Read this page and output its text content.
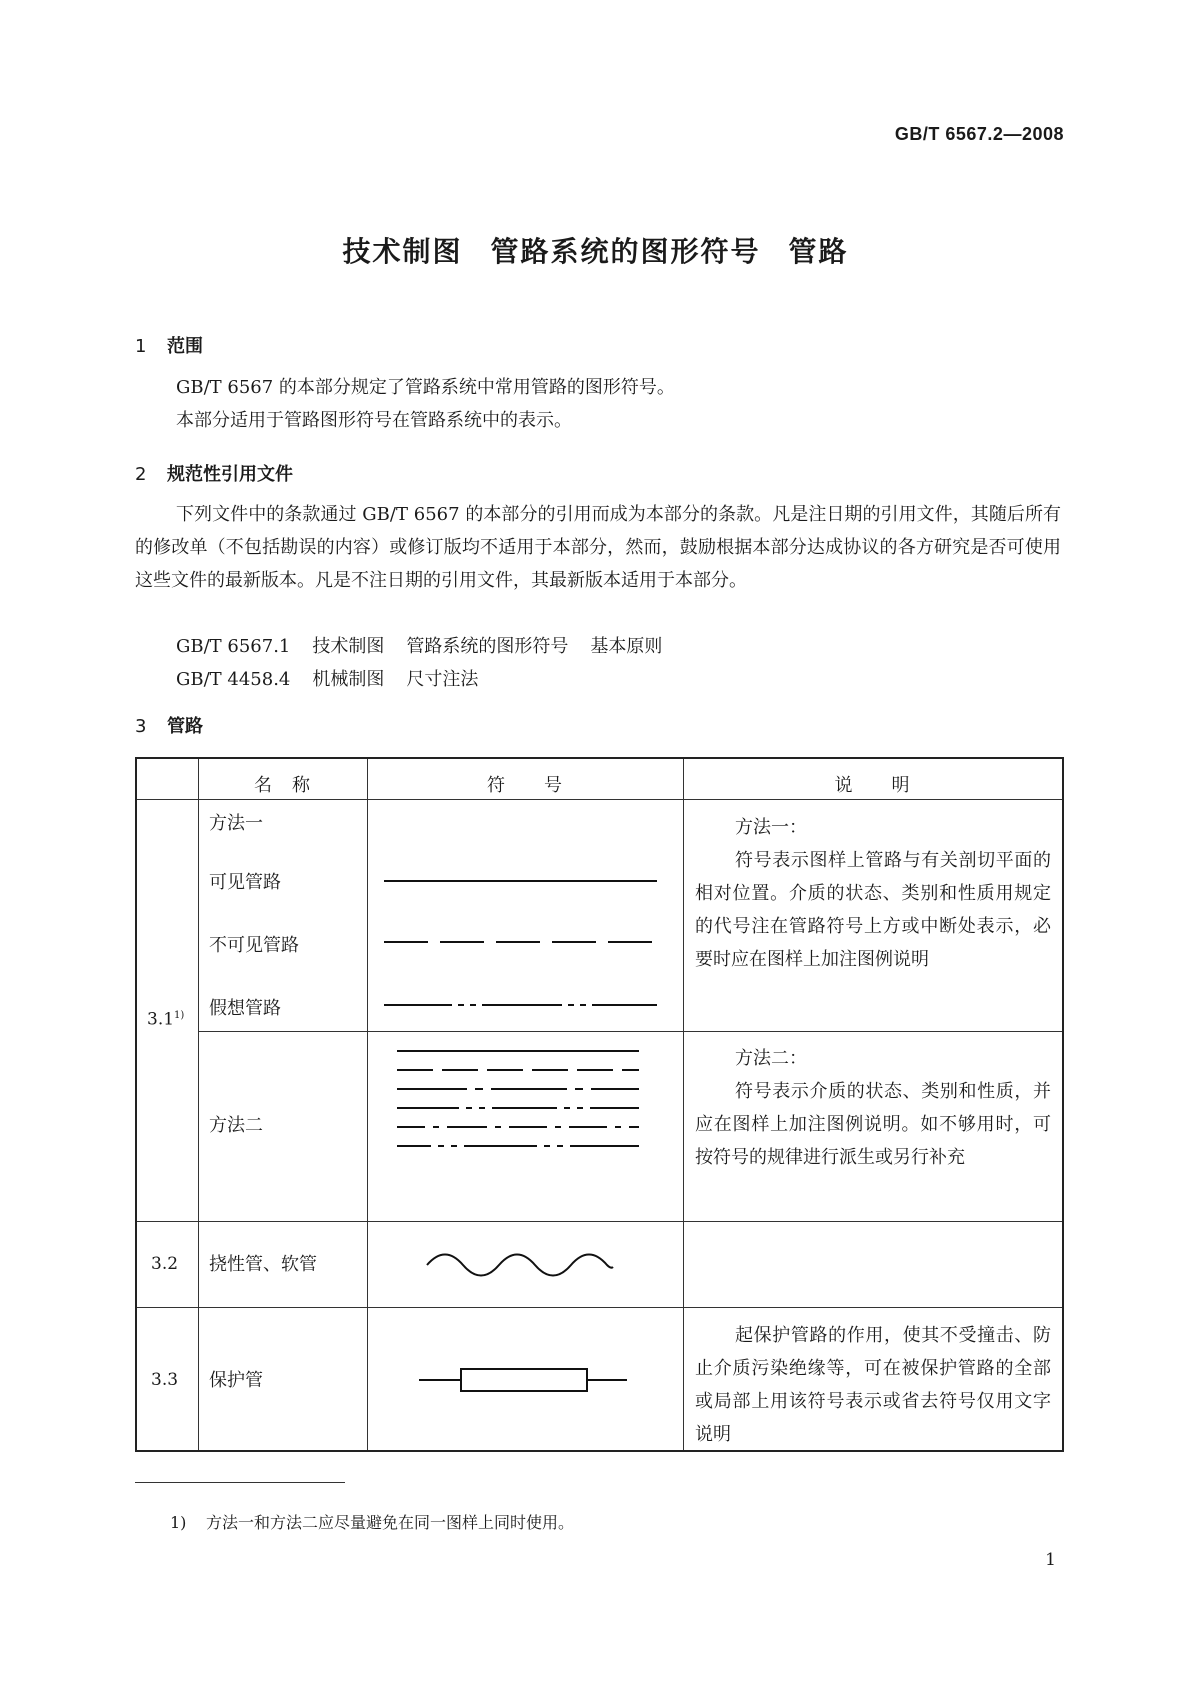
GB/T 6567.2—2008
技术制图 管路系统的图形符号 管路
1 范围
GB/T 6567 的本部分规定了管路系统中常用管路的图形符号。
本部分适用于管路图形符号在管路系统中的表示。
2 规范性引用文件
下列文件中的条款通过 GB/T 6567 的本部分的引用而成为本部分的条款。凡是注日期的引用文件，其随后所有的修改单（不包括勘误的内容）或修订版均不适用于本部分，然而，鼓励根据本部分达成协议的各方研究是否可使用这些文件的最新版本。凡是不注日期的引用文件，其最新版本适用于本部分。
GB/T 6567.1 技术制图 管路系统的图形符号 基本原则
GB/T 4458.4 机械制图 尺寸注法
3 管路
名　称	符　　号	说　　明
3.1$^{1)}$
方法一
可见管路
不可见管路
假想管路
方法一：
符号表示图样上管路与有关剖切平面的相对位置。介质的状态、类别和性质用规定的代号注在管路符号上方或中断处表示，必要时应在图样上加注图例说明
方法二
方法二：
符号表示介质的状态、类别和性质，并应在图样上加注图例说明。如不够用时，可按符号的规律进行派生或另行补充
3.2 挠性管、软管
3.3 保护管
起保护管路的作用，使其不受撞击、防止介质污染绝缘等，可在被保护管路的全部或局部上用该符号表示或省去符号仅用文字说明
1) 方法一和方法二应尽量避免在同一图样上同时使用。
1
